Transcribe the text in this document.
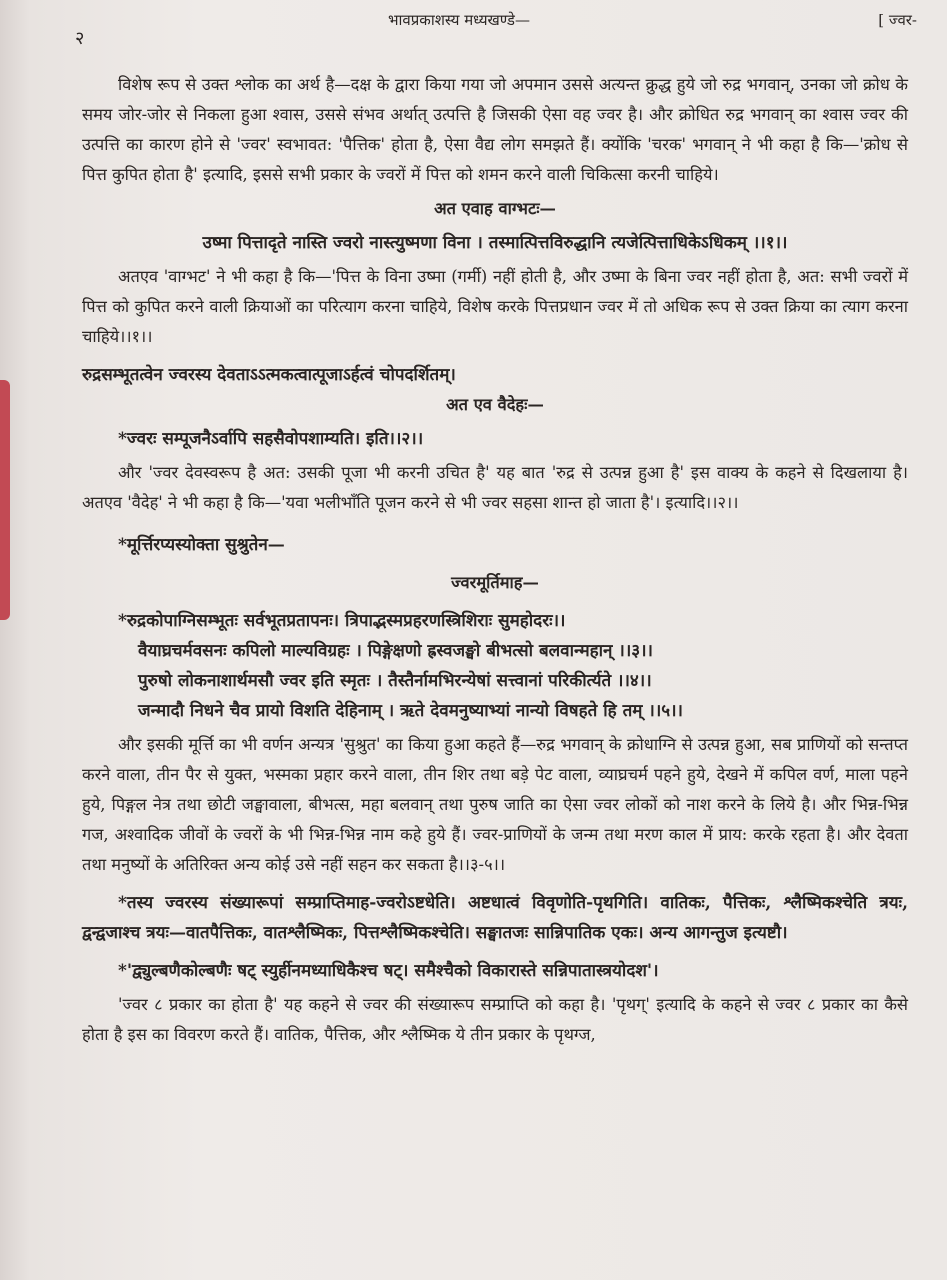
२
भावप्रकाशस्य मध्यखण्डे—	[ ज्वर-

विशेष रूप से उक्त श्लोक का अर्थ है—दक्ष के द्वारा किया गया जो अपमान उससे अत्यन्त क्रुद्ध हुये जो रुद्र भगवान्, उनका जो क्रोध के समय जोर-जोर से निकला हुआ श्वास, उससे संभव अर्थात् उत्पत्ति है जिसकी ऐसा वह ज्वर है। और क्रोधित रुद्र भगवान् का श्वास ज्वर की उत्पत्ति का कारण होने से 'ज्वर' स्वभावत: 'पैत्तिक' होता है, ऐसा वैद्य लोग समझते हैं। क्योंकि 'चरक' भगवान् ने भी कहा है कि—'क्रोध से पित्त कुपित होता है' इत्यादि, इससे सभी प्रकार के ज्वरों में पित्त को शमन करने वाली चिकित्सा करनी चाहिये।

अत एवाह वाग्भटः—

उष्मा पित्तादृते नास्ति ज्वरो नास्त्युष्मणा विना । तस्मात्पित्तविरुद्धानि त्यजेत्पित्ताधिकेऽधिकम् ।।१।।

अतएव 'वाग्भट' ने भी कहा है कि—'पित्त के विना उष्मा (गर्मी) नहीं होती है, और उष्मा के बिना ज्वर नहीं होता है, अत: सभी ज्वरों में पित्त को कुपित करने वाली क्रियाओं का परित्याग करना चाहिये, विशेष करके पित्तप्रधान ज्वर में तो अधिक रूप से उक्त क्रिया का त्याग करना चाहिये।।१।।

रुद्रसम्भूतत्वेन ज्वरस्य देवताऽऽत्मकत्वात्पूजाऽर्हत्वं चोपदर्शितम्।

अत एव वैदेहः—

*ज्वरः सम्पूजनैऽर्वापि सहसैवोपशाम्यति। इति।।२।।

और 'ज्वर देवस्वरूप है अत: उसकी पूजा भी करनी उचित है' यह बात 'रुद्र से उत्पन्न हुआ है' इस वाक्य के कहने से दिखलाया है। अतएव 'वैदेह' ने भी कहा है कि—'यवा भलीभाँति पूजन करने से भी ज्वर सहसा शान्त हो जाता है'। इत्यादि।।२।।

*मूर्त्तिरप्यस्योक्ता सुश्रुतेन—

ज्वरमूर्तिमाह—

*रुद्रकोपाग्निसम्भूतः सर्वभूतप्रतापनः। त्रिपाद्भस्मप्रहरणस्त्रिशिराः सुमहोदरः।।

वैयाघ्रचर्मवसनः कपिलो माल्यविग्रहः । पिङ्गेक्षणो ह्रस्वजङ्घो बीभत्सो बलवान्महान् ।।३।।

पुरुषो लोकनाशार्थमसौ ज्वर इति स्मृतः । तैस्तैर्नामभिरन्येषां सत्त्वानां परिकीर्त्यते ।।४।।

जन्मादौ निधने चैव प्रायो विशति देहिनाम् । ऋते देवमनुष्याभ्यां नान्यो विषहते हि तम् ।।५।।

और इसकी मूर्त्ति का भी वर्णन अन्यत्र 'सुश्रुत' का किया हुआ कहते हैं—रुद्र भगवान् के क्रोधाग्नि से उत्पन्न हुआ, सब प्राणियों को सन्तप्त करने वाला, तीन पैर से युक्त, भस्मका प्रहार करने वाला, तीन शिर तथा बड़े पेट वाला, व्याघ्रचर्म पहने हुये, देखने में कपिल वर्ण, माला पहने हुये, पिङ्गल नेत्र तथा छोटी जङ्घावाला, बीभत्स, महा बलवान् तथा पुरुष जाति का ऐसा ज्वर लोकों को नाश करने के लिये है। और भिन्न-भिन्न गज, अश्वादिक जीवों के ज्वरों के भी भिन्न-भिन्न नाम कहे हुये हैं। ज्वर-प्राणियों के जन्म तथा मरण काल में प्राय: करके रहता है। और देवता तथा मनुष्यों के अतिरिक्त अन्य कोई उसे नहीं सहन कर सकता है।।३-५।।

*तस्य ज्वरस्य संख्यारूपां सम्प्राप्तिमाह-ज्वरोऽष्टधेति। अष्टधात्वं विवृणोति-पृथगिति। वातिकः, पैत्तिकः, श्लैष्मिकश्चेति त्रयः, द्वन्द्वजाश्च त्रयः—वातपैत्तिकः, वातश्लैष्मिकः, पित्तश्लैष्मिकश्चेति। सङ्घातजः सान्निपातिक एकः। अन्य आगन्तुज इत्यष्टौ।

*'द्व्युल्बणैकोल्बणैः षट् स्युर्हीनमध्याधिकैश्च षट्। समैश्चैको विकारास्ते सन्निपातास्त्रयोदश'।

'ज्वर ८ प्रकार का होता है' यह कहने से ज्वर की संख्यारूप सम्प्राप्ति को कहा है। 'पृथग्' इत्यादि के कहने से ज्वर ८ प्रकार का कैसे होता है इस का विवरण करते हैं। वातिक, पैत्तिक, और श्लैष्मिक ये तीन प्रकार के पृथग्ज,
